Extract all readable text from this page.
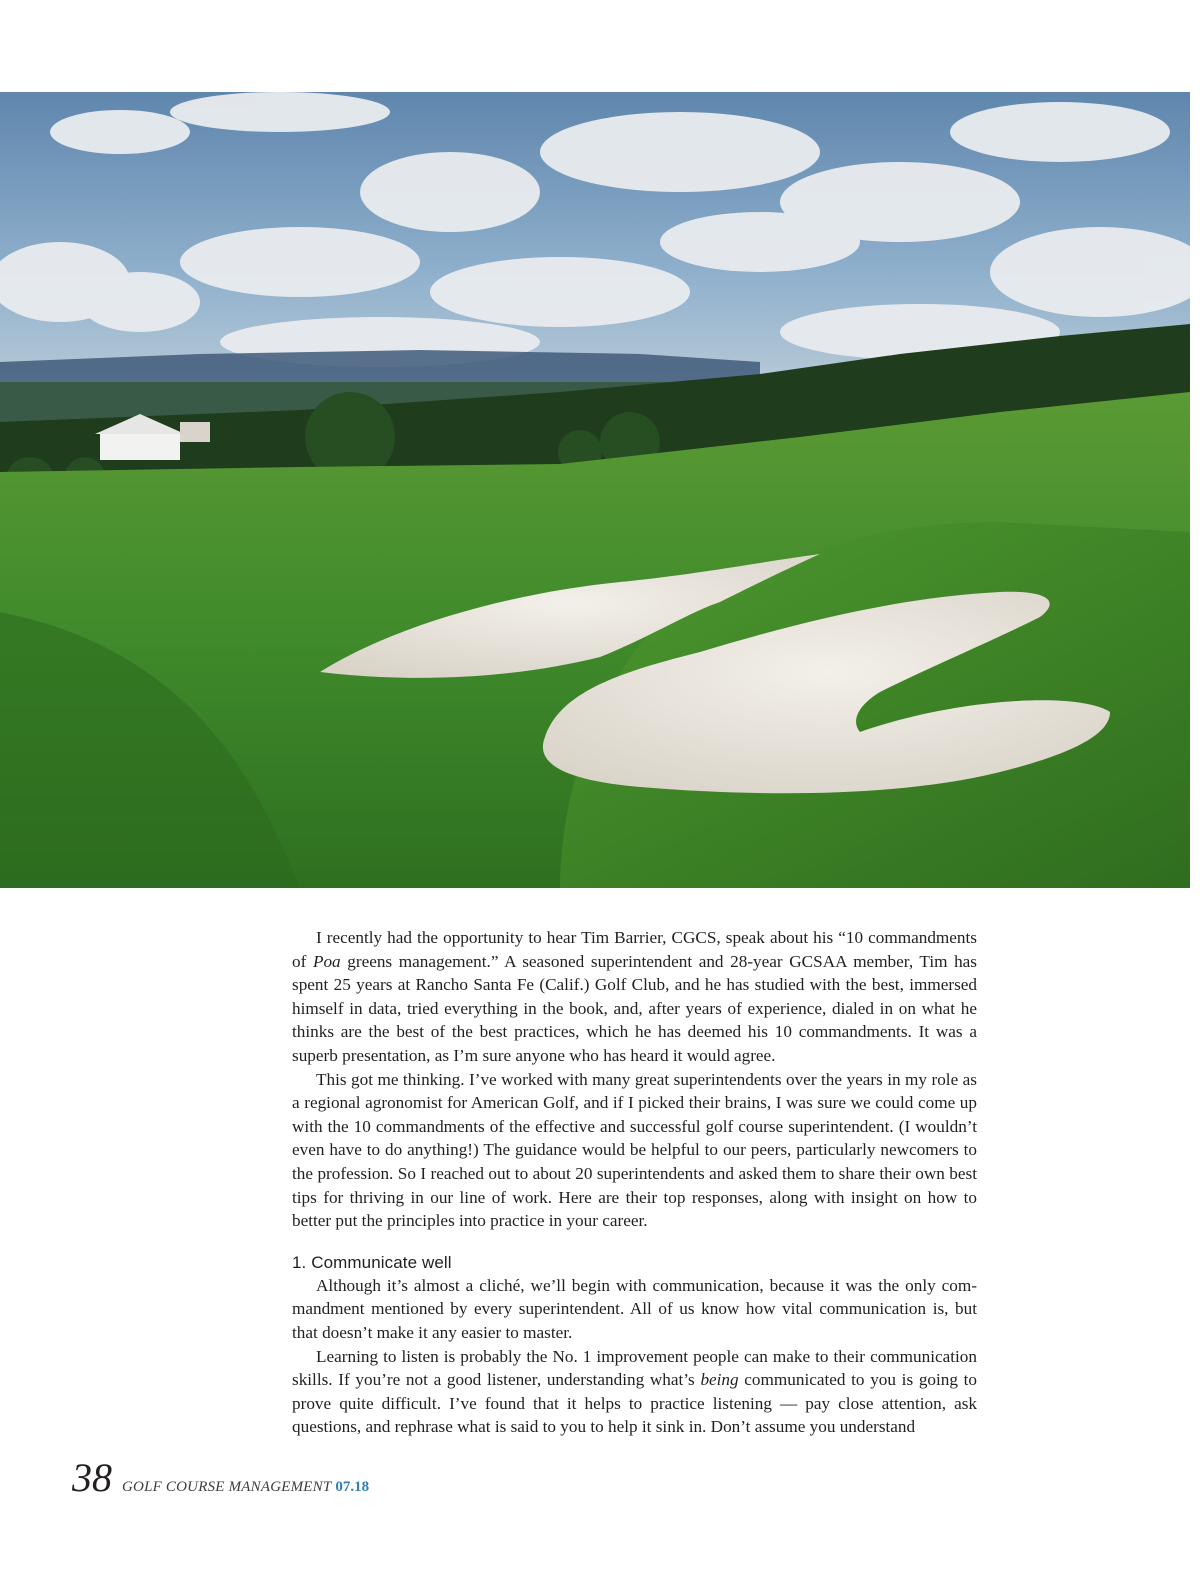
I recently had the opportunity to hear Tim Barrier, CGCS, speak about his “10 commandments of Poa greens management.” A seasoned superintendent and 28-year GCSAA member, Tim has spent 25 years at Rancho Santa Fe (Calif.) Golf Club, and he has studied with the best, immersed himself in data, tried everything in the book, and, after years of experience, dialed in on what he thinks are the best of the best practices, which he has deemed his 10 commandments. It was a superb presentation, as I’m sure anyone who has heard it would agree.

This got me thinking. I’ve worked with many great superintendents over the years in my role as a regional agronomist for American Golf, and if I picked their brains, I was sure we could come up with the 10 commandments of the effective and successful golf course superintendent. (I wouldn’t even have to do anything!) The guidance would be helpful to our peers, particularly newcomers to the profession. So I reached out to about 20 superintendents and asked them to share their own best tips for thriving in our line of work. Here are their top responses, along with insight on how to better put the principles into practice in your career.

1. Communicate well

Although it’s almost a cliché, we’ll begin with communication, because it was the only commandment mentioned by every superintendent. All of us know how vital communication is, but that doesn’t make it any easier to master.

Learning to listen is probably the No. 1 improvement people can make to their communication skills. If you’re not a good listener, understanding what’s being communicated to you is going to prove quite difficult. I’ve found that it helps to practice listening — pay close attention, ask questions, and rephrase what is said to you to help it sink in. Don’t assume you understand

38 GOLF COURSE MANAGEMENT 07.18
